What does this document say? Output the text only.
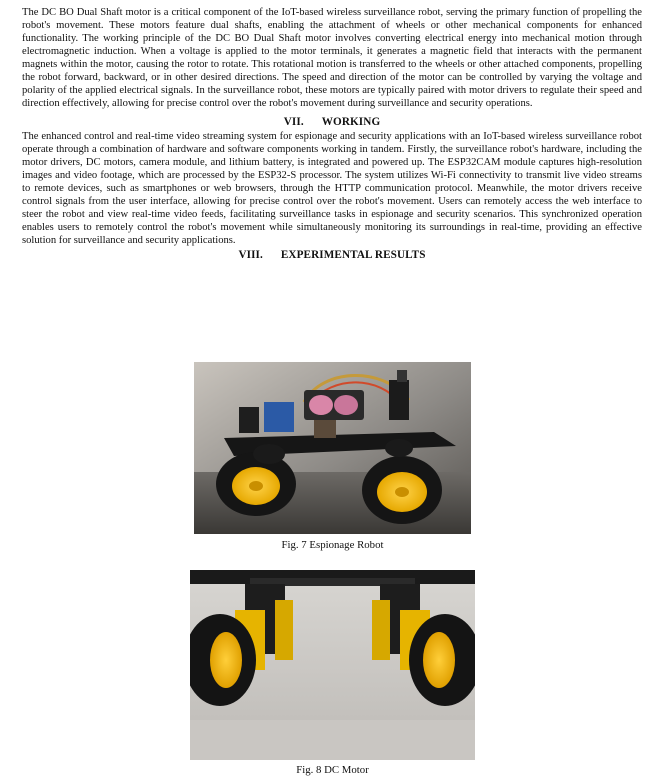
The DC BO Dual Shaft motor is a critical component of the IoT-based wireless surveillance robot, serving the primary function of propelling the robot's movement. These motors feature dual shafts, enabling the attachment of wheels or other mechanical components for enhanced functionality. The working principle of the DC BO Dual Shaft motor involves converting electrical energy into mechanical motion through electromagnetic induction. When a voltage is applied to the motor terminals, it generates a magnetic field that interacts with the permanent magnets within the motor, causing the rotor to rotate. This rotational motion is transferred to the wheels or other attached components, propelling the robot forward, backward, or in other desired directions. The speed and direction of the motor can be controlled by varying the voltage and polarity of the applied electrical signals. In the surveillance robot, these motors are typically paired with motor drivers to regulate their speed and direction effectively, allowing for precise control over the robot's movement during surveillance and security operations.

VII. WORKING

The enhanced control and real-time video streaming system for espionage and security applications with an IoT-based wireless surveillance robot operate through a combination of hardware and software components working in tandem. Firstly, the surveillance robot's hardware, including the motor drivers, DC motors, camera module, and lithium battery, is integrated and powered up. The ESP32CAM module captures high-resolution images and video footage, which are processed by the ESP32-S processor. The system utilizes Wi-Fi connectivity to transmit live video streams to remote devices, such as smartphones or web browsers, through the HTTP communication protocol. Meanwhile, the motor drivers receive control signals from the user interface, allowing for precise control over the robot's movement. Users can remotely access the web interface to steer the robot and view real-time video feeds, facilitating surveillance tasks in espionage and security scenarios. This synchronized operation enables users to remotely control the robot's movement while simultaneously monitoring its surroundings in real-time, providing an effective solution for surveillance and security applications.

VIII. EXPERIMENTAL RESULTS
Fig. 7 Espionage Robot
Fig. 8 DC Motor
